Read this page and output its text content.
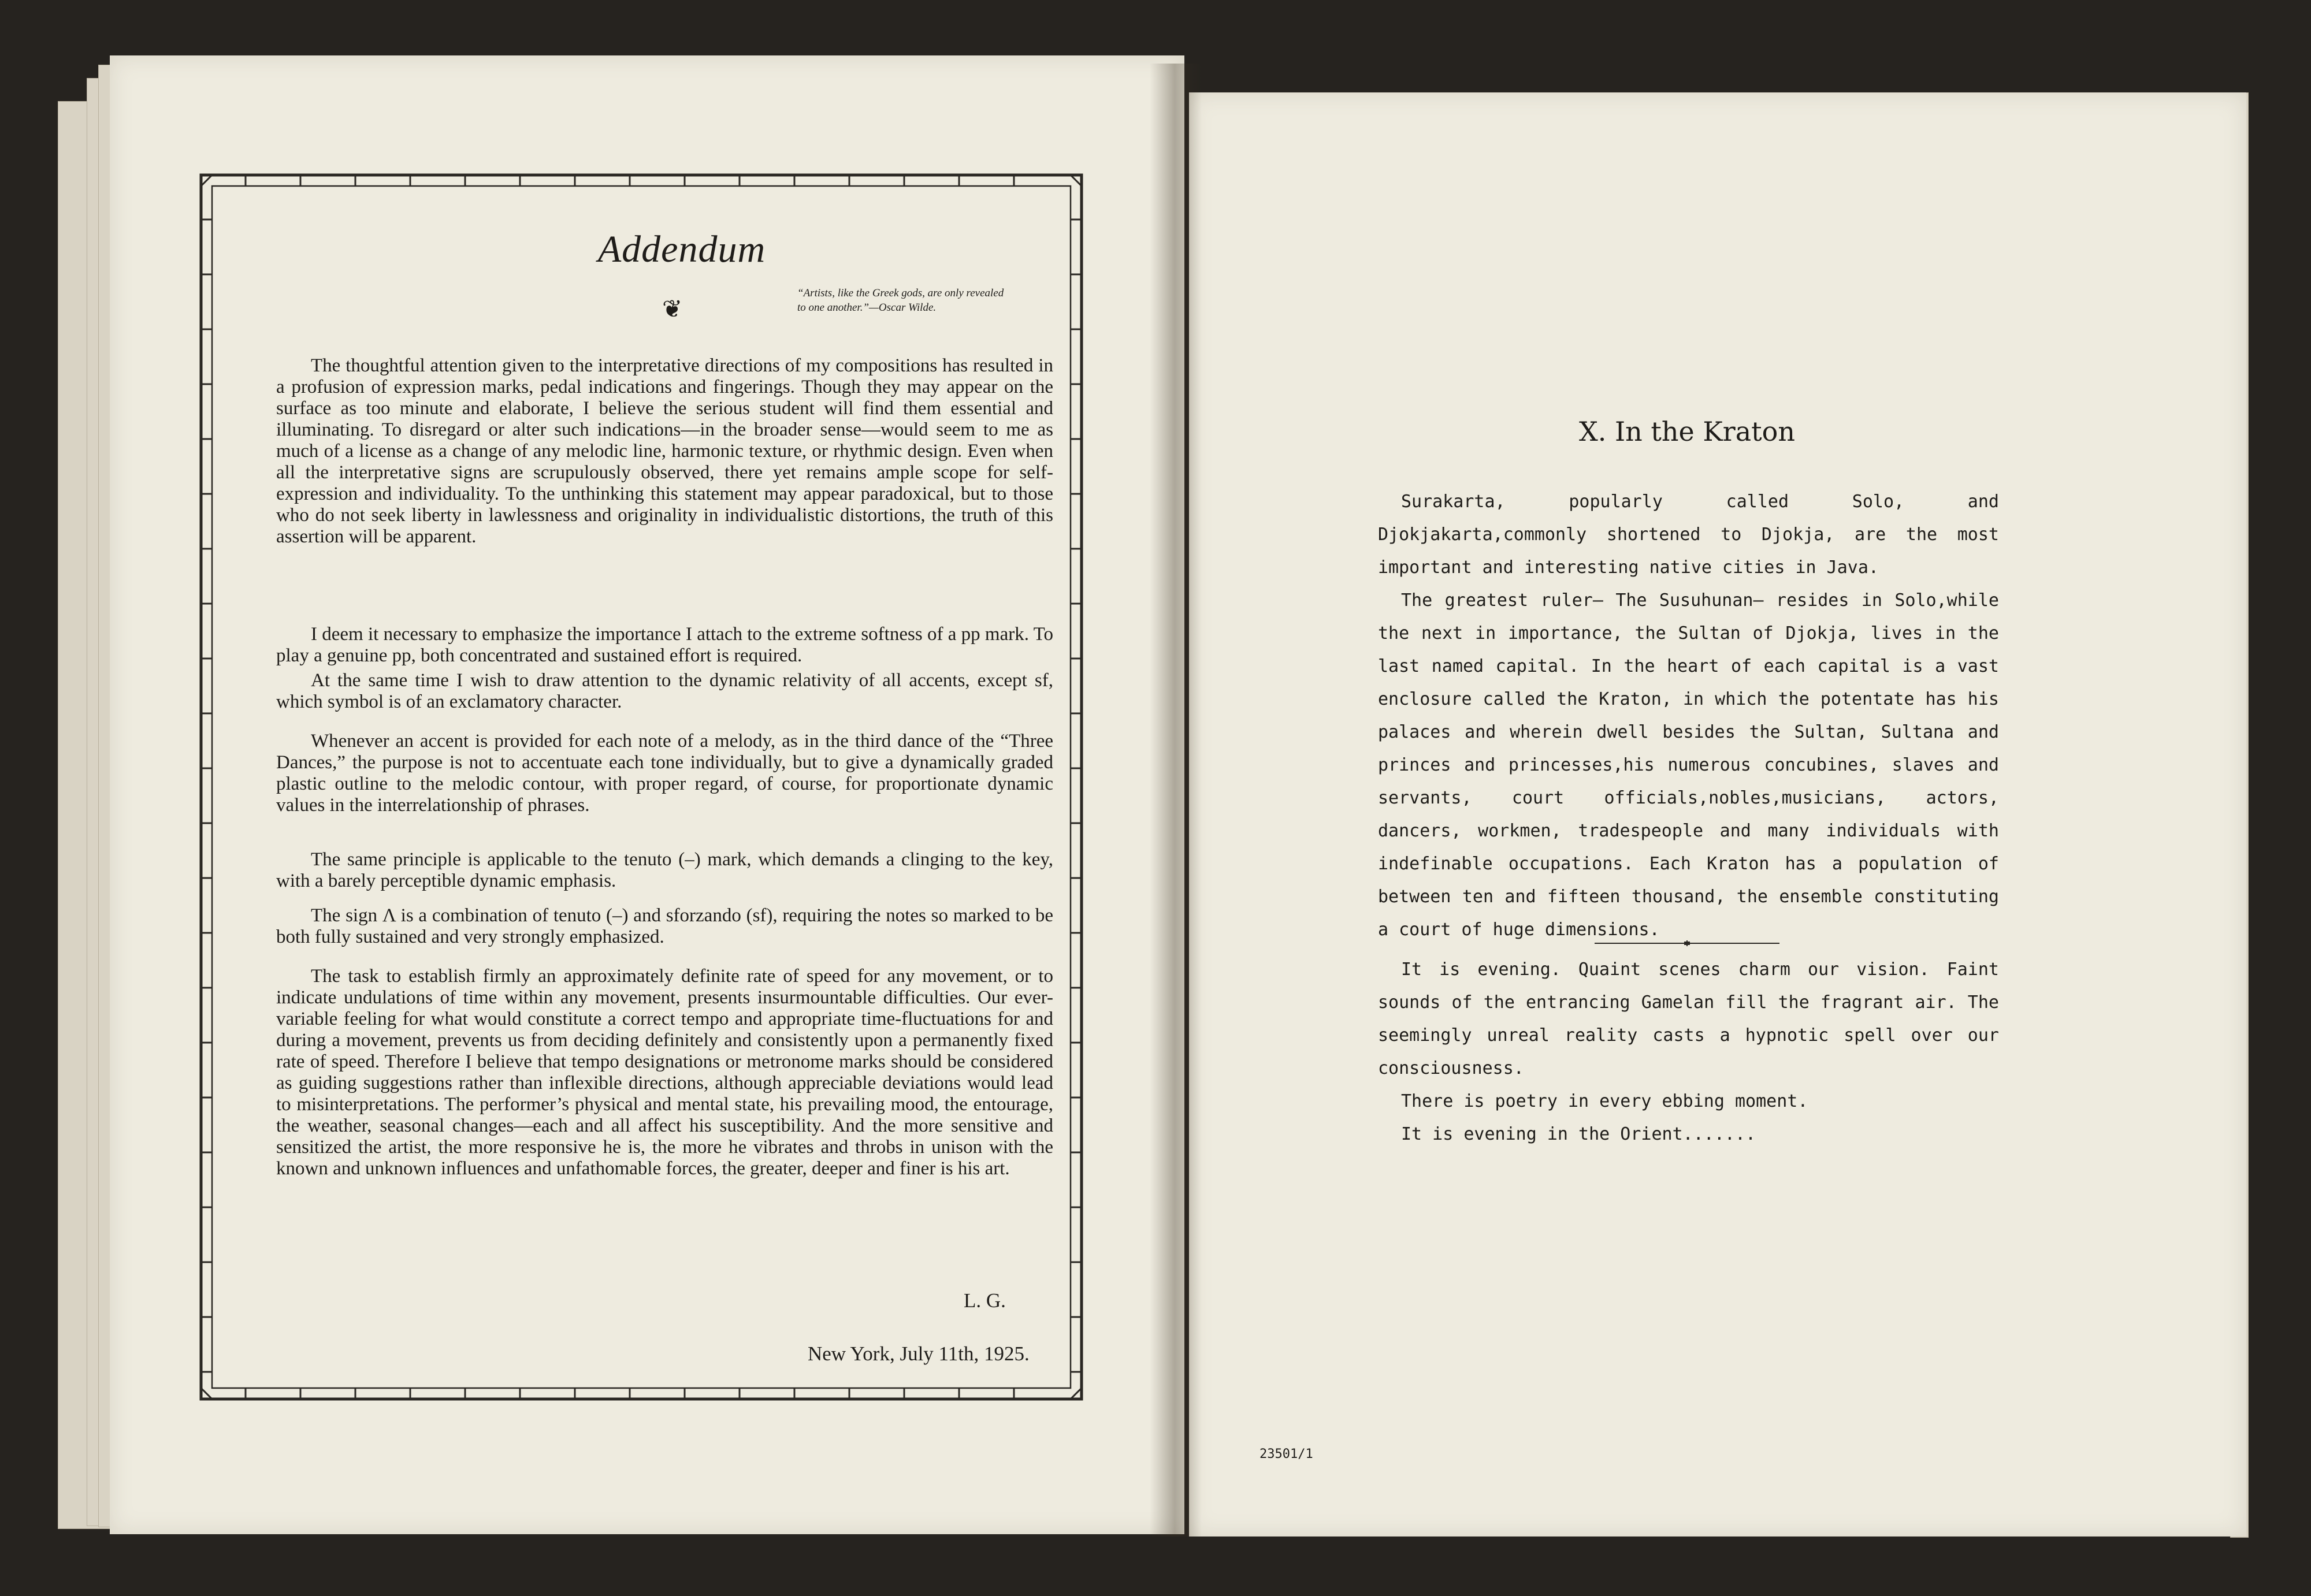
Addendum
❦
“Artists, like the Greek gods, are only revealed
to one another.”—Oscar Wilde.

The thoughtful attention given to the interpretative directions of my compositions has resulted in a profusion of expression marks, pedal indications and fingerings. Though they may appear on the surface as too minute and elaborate, I believe the serious student will find them essential and illuminating. To disregard or alter such indications—in the broader sense—would seem to me as much of a license as a change of any melodic line, harmonic texture, or rhythmic design. Even when all the interpretative signs are scrupulously observed, there yet remains ample scope for self-expression and individuality. To the unthinking this statement may appear paradoxical, but to those who do not seek liberty in lawlessness and originality in individualistic distortions, the truth of this assertion will be apparent.

I deem it necessary to emphasize the importance I attach to the extreme softness of a pp mark. To play a genuine pp, both concentrated and sustained effort is required.

At the same time I wish to draw attention to the dynamic relativity of all accents, except sf, which symbol is of an exclamatory character.

Whenever an accent is provided for each note of a melody, as in the third dance of the “Three Dances,” the purpose is not to accentuate each tone individually, but to give a dynamically graded plastic outline to the melodic contour, with proper regard, of course, for proportionate dynamic values in the interrelationship of phrases.

The same principle is applicable to the tenuto (–) mark, which demands a clinging to the key, with a barely perceptible dynamic emphasis.

The sign Λ is a combination of tenuto (–) and sforzando (sf), requiring the notes so marked to be both fully sustained and very strongly emphasized.

The task to establish firmly an approximately definite rate of speed for any movement, or to indicate undulations of time within any movement, presents insurmountable difficulties. Our ever-variable feeling for what would constitute a correct tempo and appropriate time-fluctuations for and during a movement, prevents us from deciding definitely and consistently upon a permanently fixed rate of speed. Therefore I believe that tempo designations or metronome marks should be considered as guiding suggestions rather than inflexible directions, although appreciable deviations would lead to misinterpretations. The performer’s physical and mental state, his prevailing mood, the entourage, the weather, seasonal changes—each and all affect his susceptibility. And the more sensitive and sensitized the artist, the more responsive he is, the more he vibrates and throbs in unison with the known and unknown influences and unfathomable forces, the greater, deeper and finer is his art.

L. G.
New York, July 11th, 1925.
X. In the Kraton

Surakarta, popularly called Solo, and Djokjakarta,commonly shortened to Djokja, are the most important and interesting native cities in Java.

The greatest ruler– The Susuhunan– resides in Solo,while the next in importance, the Sultan of Djokja, lives in the last named capital. In the heart of each capital is a vast enclosure called the Kraton, in which the potentate has his palaces and wherein dwell besides the Sultan, Sultana and princes and princesses,his numerous concubines, slaves and servants, court officials,nobles,musicians, actors, dancers, workmen, tradespeople and many individuals with indefinable occupations. Each Kraton has a population of between ten and fifteen thousand, the ensemble constituting a court of huge dimensions.

It is evening. Quaint scenes charm our vision. Faint sounds of the entrancing Gamelan fill the fragrant air. The seemingly unreal reality casts a hypnotic spell over our consciousness.

There is poetry in every ebbing moment.

It is evening in the Orient.......

23501/1
